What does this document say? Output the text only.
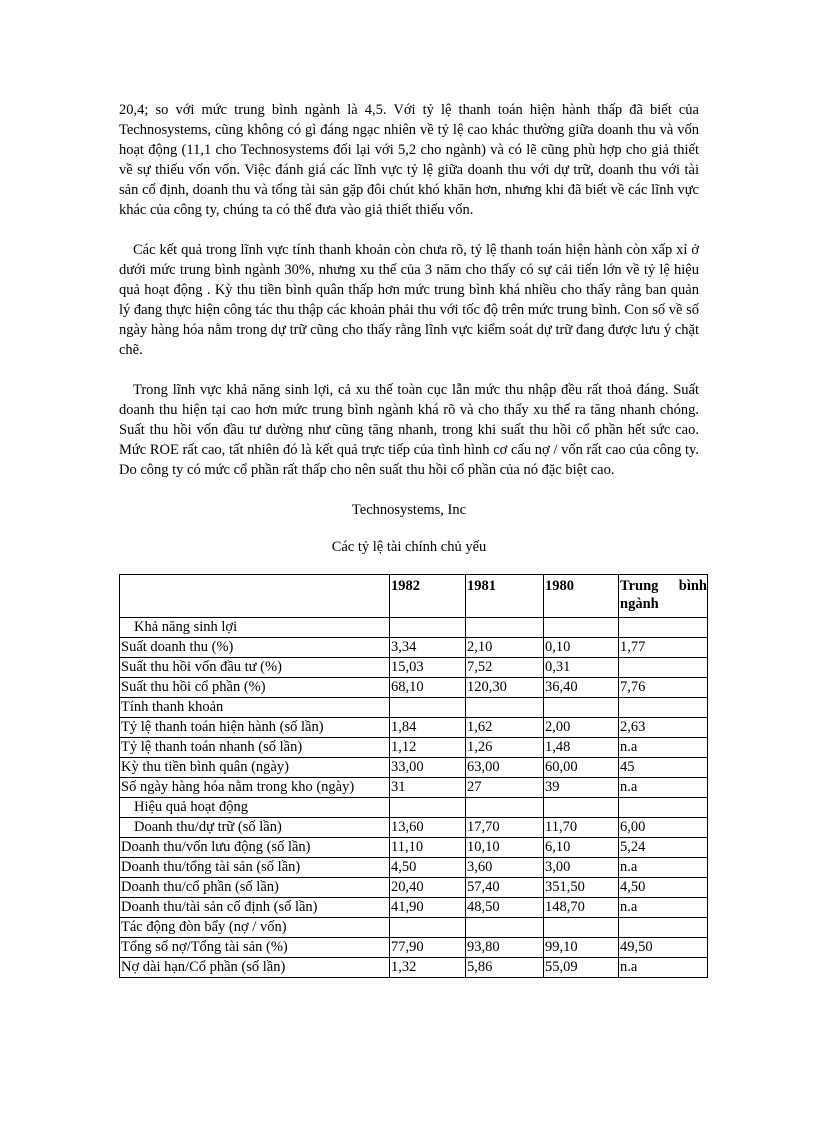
20,4; so với mức trung bình ngành là 4,5. Với tỷ lệ thanh toán hiện hành thấp đã biết của Technosystems, cũng không có gì đáng ngạc nhiên về tỷ lệ cao khác thường giữa doanh thu và vốn hoạt động (11,1 cho Technosystems đối lại với 5,2 cho ngành) và có lẽ cũng phù hợp cho giả thiết về sự thiếu vốn vốn. Việc đánh giá các lĩnh vực tỷ lệ giữa doanh thu với dự trữ, doanh thu với tài sản cố định, doanh thu và tổng tài sản gặp đôi chút khó khăn hơn, nhưng khi đã biết về các lĩnh vực khác của công ty, chúng ta có thể đưa vào giả thiết thiếu vốn.

Các kết quả trong lĩnh vực tính thanh khoản còn chưa rõ, tỷ lệ thanh toán hiện hành còn xấp xỉ ở dưới mức trung bình ngành 30%, nhưng xu thế của 3 năm cho thấy có sự cải tiến lớn về tỷ lệ hiệu quả hoạt động . Kỳ thu tiền bình quân thấp hơn mức trung bình khá nhiều cho thấy rằng ban quản lý đang thực hiện công tác thu thập các khoản phải thu với tốc độ trên mức trung bình. Con số về số ngày hàng hóa nằm trong dự trữ cũng cho thấy rằng lĩnh vực kiểm soát dự trữ đang được lưu ý chặt chẽ.

Trong lĩnh vực khả năng sinh lợi, cả xu thế toàn cục lẫn mức thu nhập đều rất thoả đáng. Suất doanh thu hiện tại cao hơn mức trung bình ngành khá rõ và cho thấy xu thế ra tăng nhanh chóng. Suất thu hồi vốn đầu tư dường như cũng tăng nhanh, trong khi suất thu hồi cổ phần hết sức cao. Mức ROE rất cao, tất nhiên đó là kết quả trực tiếp của tình hình cơ cấu nợ / vốn rất cao của công ty. Do công ty có mức cổ phần rất thấp cho nên suất thu hồi cổ phần của nó đặc biệt cao.

Technosystems, Inc
Các tỷ lệ tài chính chủ yếu
	1982	1981	1980	Trung bình ngành
Khả năng sinh lợi				
Suất doanh thu (%)	3,34	2,10	0,10	1,77
Suất thu hồi vốn đầu tư (%)	15,03	7,52	0,31	
Suất thu hồi cổ phần (%)	68,10	120,30	36,40	7,76
Tính thanh khoản				
Tỷ lệ thanh toán hiện hành (số lần)	1,84	1,62	2,00	2,63
Tỷ lệ thanh toán nhanh (số lần)	1,12	1,26	1,48	n.a
Kỳ thu tiền bình quân (ngày)	33,00	63,00	60,00	45
Số ngày hàng hóa nằm trong kho (ngày)	31	27	39	n.a
Hiệu quả hoạt động				
Doanh thu/dự trữ (số lần)	13,60	17,70	11,70	6,00
Doanh thu/vốn lưu động (số lần)	11,10	10,10	6,10	5,24
Doanh thu/tổng tài sản (số lần)	4,50	3,60	3,00	n.a
Doanh thu/cổ phần (số lần)	20,40	57,40	351,50	4,50
Doanh thu/tài sản cố định (số lần)	41,90	48,50	148,70	n.a
Tác động đòn bẩy (nợ / vốn)				
Tổng số nợ/Tổng tài sản (%)	77,90	93,80	99,10	49,50
Nợ dài hạn/Cổ phần (số lần)	1,32	5,86	55,09	n.a
